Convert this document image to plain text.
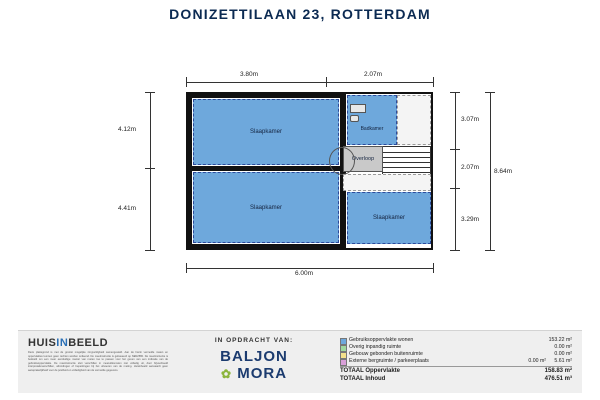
DONIZETTILAAN 23, ROTTERDAM
3.80m	2.07m
6.00m
4.12m
4.41m
3.07m
2.07m
3.29m
8.64m
Slaapkamer
Slaapkamer
Badkamer
Overloop
Slaapkamer
HUISINBEELD
Deze plattegrond is met de grootst mogelijke zorgvuldigheid samengesteld. Aan de hierin vermelde maten en oppervlaktes kunnen geen rechten worden ontleend. De meetinstructie is gebaseerd op NEN2580. De meetinstructie is bedoeld om een meer eenduidige manier van meten toe te passen voor het geven van een indicatie van de gebruiksoppervlakte. De meetinstructie sluit verschillen in meetuitkomsten niet volledig uit, door bijvoorbeeld interpretatieverschillen, afrondingen of beperkingen bij het uitvoeren van de meting. Huisinbeeld aanvaardt geen aansprakelijkheid voor de juistheid en volledigheid van de vermelde gegevens.
IN OPDRACHT VAN:
BALJON
✿ MORA
Gebruiksoppervlakte wonen	153.22 m²
Overig inpandig ruimte	0.00 m²
Gebouw gebonden buitenruimte	0.00 m²
Externe bergruimte / parkeerplaats	0.00 m² 5.61 m²
TOTAAL Oppervlakte	158.83 m²
TOTAAL Inhoud	476.51 m³
